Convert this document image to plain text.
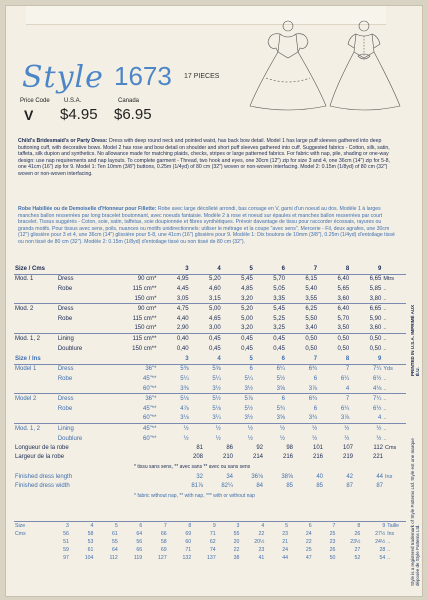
Style 1673 17 PIECES
Price Code U.S.A.	Canada
V $4.95 $6.95
Child's Bridesmaid's or Party Dress: Dress with deep round neck and pointed waist, has back bow detail. Model 1 has large puff sleeves gathered into deep buttoning cuff, with decorative bows. Model 2 has rose and bow detail on shoulder and short puff sleeves gathered into cuff. Suggested fabrics - Cotton, silk, satin, taffeta, silk dupion and synthetics. No allowance made for matching plaids, checks, stripes or large patterned fabrics. For fabric with nap, pile, shading or one-way design: use nap requirements and nap layouts. To complete garment - Thread, two hook and eyes, one 30cm (12") zip for size 3 and 4, one 36cm (14") zip for 5-8, one 41cm (16") zip for 9. Model 1: Ten 10mm (3/8") buttons, 0.25m (1/4yd) of 80 cm (32") woven or non-woven interfacing. Model 2: 0.15m (1/8yd) of 80 cm (32") woven or non-woven interfacing.
Robe Habillée ou de Demoiselle d'Honneur pour Fillette: Robe avec large décolleté arrondi, bas corsage en V, garni d'un noeud au dos. Modèle 1 à larges manches ballon resserrées par long bracelet boutonnant, avec noeuds fantaisie. Modèle 2 à rose et noeud sur épaules et manches ballon resserrées par court bracelet. Tissus suggérés - Coton, soie, satin, taffetas, soie doupionnée et fibres synthétiques. Prévoir davantage de tissu pour raccorder écossais, rayures ou grands motifs. Pour tissus avec sens, poils, nuances ou motifs unidirectionnels: utiliser le métrage et la coupe "avec sens". Mercerie - Fil, deux agrafes, une 30cm (12") glissière pour 3 et 4, une 36cm (14") glissière pour 5-8, une 41cm (16") glissière pour 9. Modèle 1: Dix boutons de 10mm (3/8"), 0.25m (1/4yd) d'entoilage tissé ou non tissé de 80 cm (32"). Modèle 2: 0.15m (1/8yd) d'entoilage tissé ou non tissé de 80 cm (32").
Size / Cms			3	4	5	6	7	8	9	
Mod. 1	Dress	90 cm*	4,95	5,20	5,45	5,70	6,15	6,40	6,65	Mtrs
	Robe	115 cm**	4,45	4,60	4,85	5,05	5,40	5,65	5,85	..
		150 cm*	3,05	3,15	3,20	3,35	3,55	3,60	3,80	..
Mod. 2	Dress	90 cm*	4,75	5,00	5,20	5,45	6,25	6,40	6,65	..
	Robe	115 cm**	4,40	4,65	5,00	5,25	5,50	5,70	5,90	..
		150 cm*	2,90	3,00	3,20	3,25	3,40	3,50	3,60	..
Mod. 1, 2	Lining	115 cm**	0,40	0,45	0,45	0,45	0,50	0,50	0,50	..
	Doublure	150 cm**	0,40	0,45	0,45	0,45	0,50	0,50	0,50	..
Size / Ins			3	4	5	6	7	8	9	
Model 1	Dress	36"*	5⅜	5⅝	6	6¼	6¾	7	7¼	Yds
	Robe	45"**	5¼	5¼	5¼	5½	6	6¼	6½	..
		60"**	3⅜	3½	3½	3⅝	3⅞	4	4⅛	..
Model 2	Dress	36"*	5⅛	5½	5⅞	6	6¾	7	7¼	..
	Robe	45"**	4⅞	5⅛	5½	5¾	6	6¼	6½	..
		60"**	3⅛	3¼	3½	3⅝	3¾	3⅞	4	..
Mod. 1, 2	Lining	45"**	½	½	½	½	½	½	½	..
	Doublure	60"**	½	½	½	½	½	½	½	..
Longueur de la robe	81	86	92	98	101	107	112	Cms
Largeur de la robe	208	210	214	216	216	219	221	
* tissu sans sens, ** avec sans ** avec ou sans sens								
Finished dress length	32	34	36⅛	38⅝	40	42	44	Ins
Finished dress width	81⅞	82¼	84	85	85	87	87	
* fabric without nap, ** with nap, *** with or without nap								
Size	3	4	5	6	7	8	9	3	4	5	6	7	8	9	Taille
Cms	56	58	61	64	66	69	71	55	22	23	24	25	26	27½	Ins
	51	53	55	56	58	60	62	20	20½	21	22	23	23½	24½	..
	59	61	64	66	69	71	74	22	23	24	25	26	27	28	..
	97	104	112	119	127	132	137	38	41	44	47	50	52	54	..	Style is a registered trademark of Style Patterns Ltd. Style est une marque déposée de Style Patterns Ltd.
PRINTED IN U.S.A. IMPRIMÉ AUX É.U.
